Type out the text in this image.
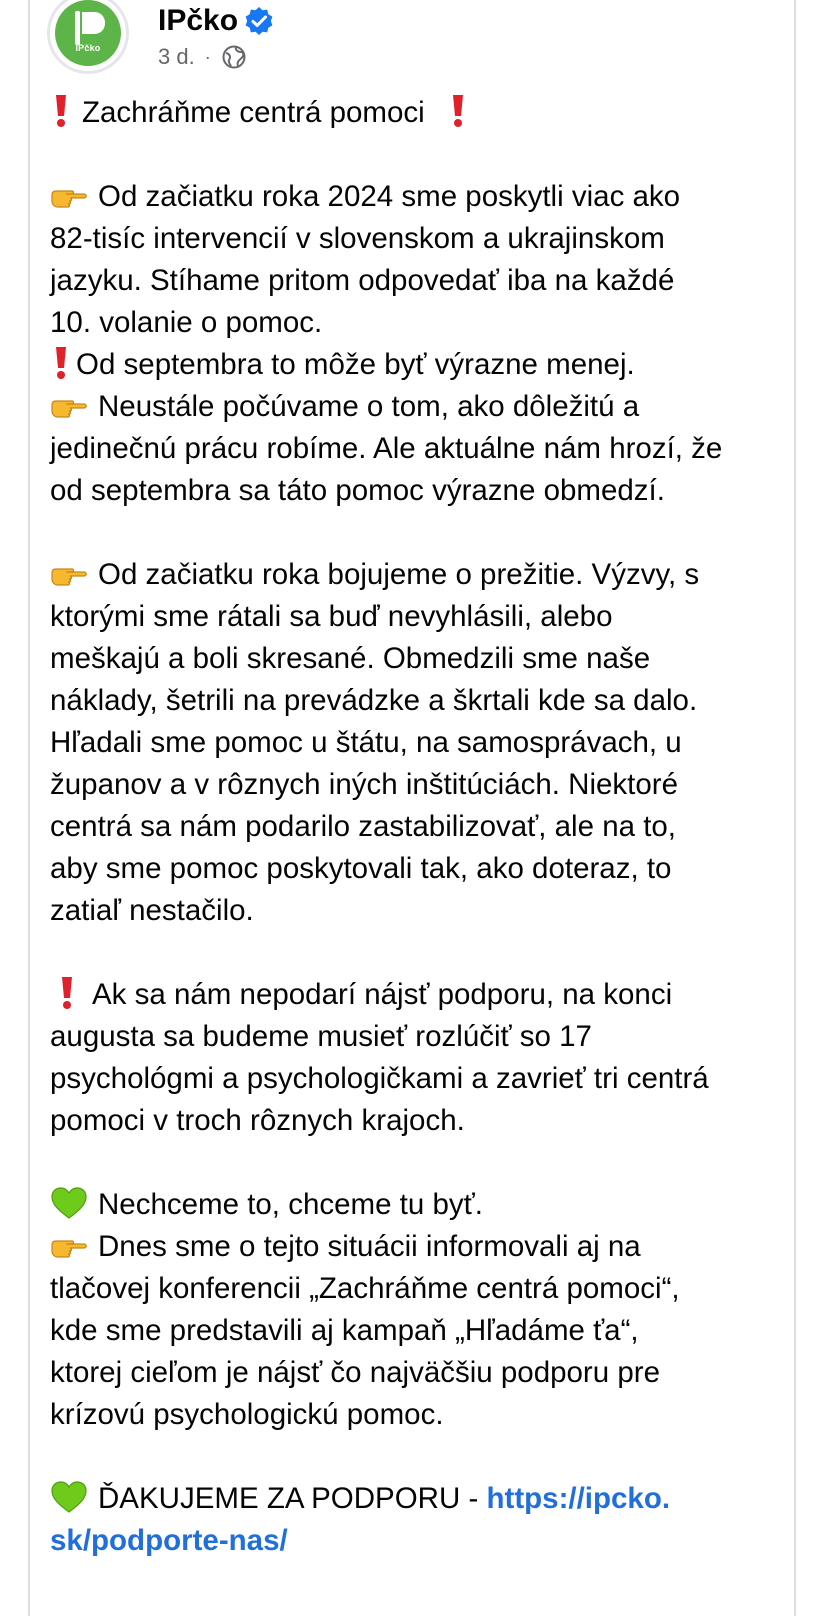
IPčko
IPčko
3 d. ·

Zachráňme centrá pomoci

Od začiatku roka 2024 sme poskytli viac ako
82-tisíc intervencií v slovenskom a ukrajinskom
jazyku. Stíhame pritom odpovedať iba na každé
10. volanie o pomoc.

Od septembra to môže byť výrazne menej.

Neustále počúvame o tom, ako dôležitú a
jedinečnú prácu robíme. Ale aktuálne nám hrozí, že
od septembra sa táto pomoc výrazne obmedzí.

Od začiatku roka bojujeme o prežitie. Výzvy, s
ktorými sme rátali sa buď nevyhlásili, alebo
meškajú a boli skresané. Obmedzili sme naše
náklady, šetrili na prevádzke a škrtali kde sa dalo.
Hľadali sme pomoc u štátu, na samosprávach, u
županov a v rôznych iných inštitúciách. Niektoré
centrá sa nám podarilo zastabilizovať, ale na to,
aby sme pomoc poskytovali tak, ako doteraz, to
zatiaľ nestačilo.

Ak sa nám nepodarí nájsť podporu, na konci
augusta sa budeme musieť rozlúčiť so 17
psychológmi a psychologičkami a zavrieť tri centrá
pomoci v troch rôznych krajoch.

Nechceme to, chceme tu byť.

Dnes sme o tejto situácii informovali aj na
tlačovej konferencii „Zachráňme centrá pomoci“,
kde sme predstavili aj kampaň „Hľadáme ťa“,
ktorej cieľom je nájsť čo najväčšiu podporu pre
krízovú psychologickú pomoc.

ĎAKUJEME ZA PODPORU - https://ipcko.
sk/podporte-nas/
